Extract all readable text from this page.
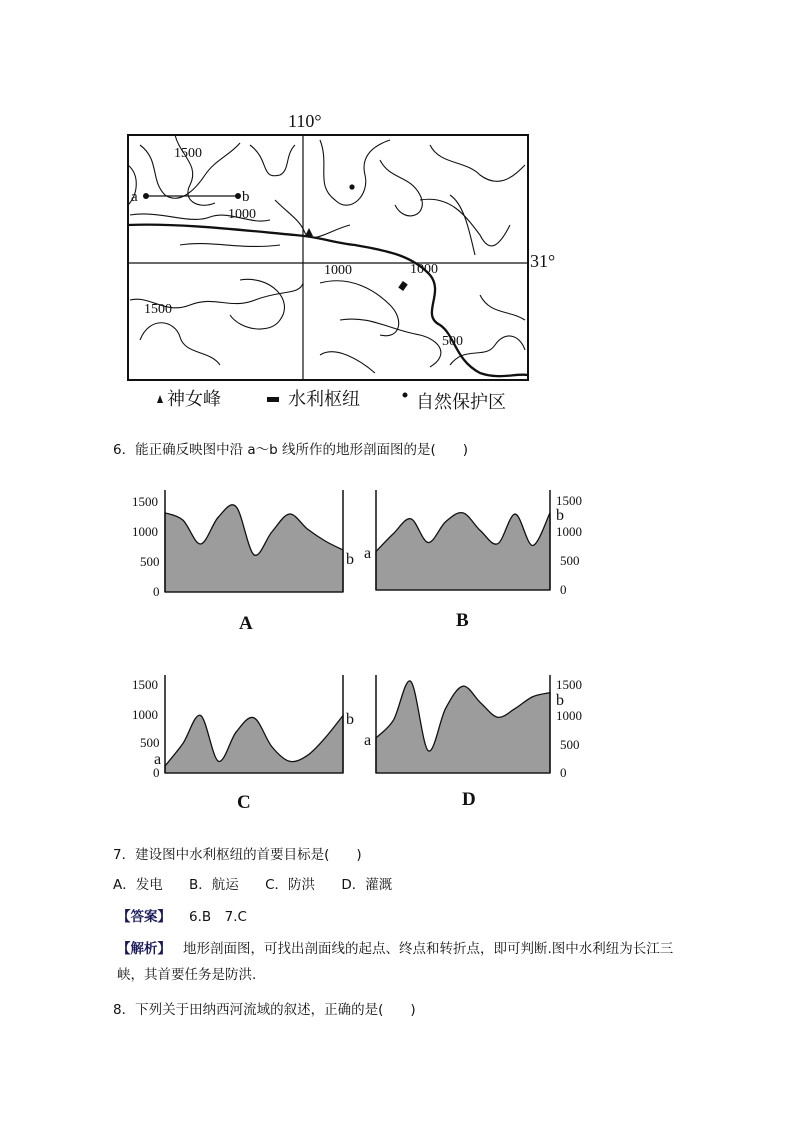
110°
31°
a	b
1500
1000
1000	1000
1500
500
神女峰	水利枢纽	自然保护区
6．能正确反映图中沿 a～b 线所作的地形剖面图的是(　　)
1500
1000
500
0
b a
1500
b
1000
500
0
A	B
1500
1000
500
a
0
b
a
1500
b
1000
500
0
C	D
7．建设图中水利枢纽的首要目标是(　　)
A．发电 B．航运 C．防洪 D．灌溉
【答案】 6.B　7.C
【解析】 地形剖面图，可找出剖面线的起点、终点和转折点，即可判断.图中水利纽为长江三峡，其首要任务是防洪.
8．下列关于田纳西河流域的叙述，正确的是(　　)
